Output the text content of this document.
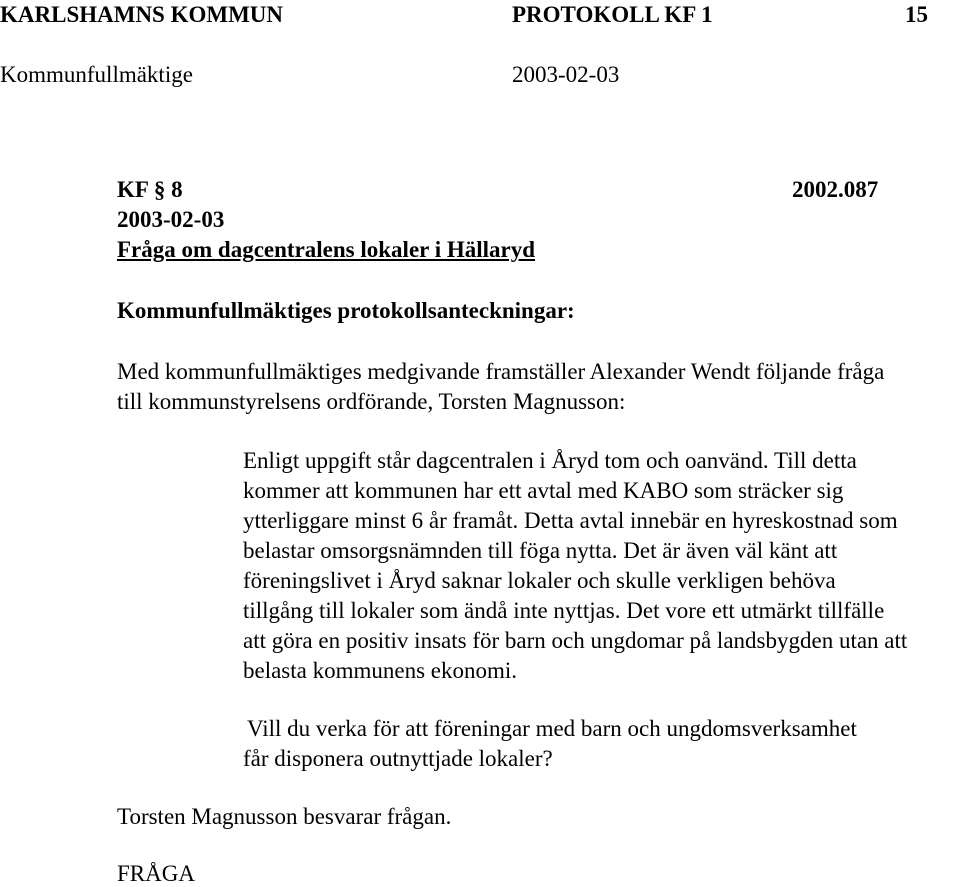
KARLSHAMNS KOMMUN	PROTOKOLL KF 1	15
Kommunfullmäktige	2003-02-03
KF § 8	2002.087
2003-02-03
Fråga om dagcentralens lokaler i Hällaryd
Kommunfullmäktiges protokollsanteckningar:
Med kommunfullmäktiges medgivande framställer Alexander Wendt följande fråga
till kommunstyrelsens ordförande, Torsten Magnusson:
Enligt uppgift står dagcentralen i Åryd tom och oanvänd. Till detta
kommer att kommunen har ett avtal med KABO som sträcker sig
ytterliggare minst 6 år framåt. Detta avtal innebär en hyreskostnad som
belastar omsorgsnämnden till föga nytta. Det är även väl känt att
föreningslivet i Åryd saknar lokaler och skulle verkligen behöva
tillgång till lokaler som ändå inte nyttjas. Det vore ett utmärkt tillfälle
att göra en positiv insats för barn och ungdomar på landsbygden utan att
belasta kommunens ekonomi.
Vill du verka för att föreningar med barn och ungdomsverksamhet
får disponera outnyttjade lokaler?
Torsten Magnusson besvarar frågan.
FRÅGA
